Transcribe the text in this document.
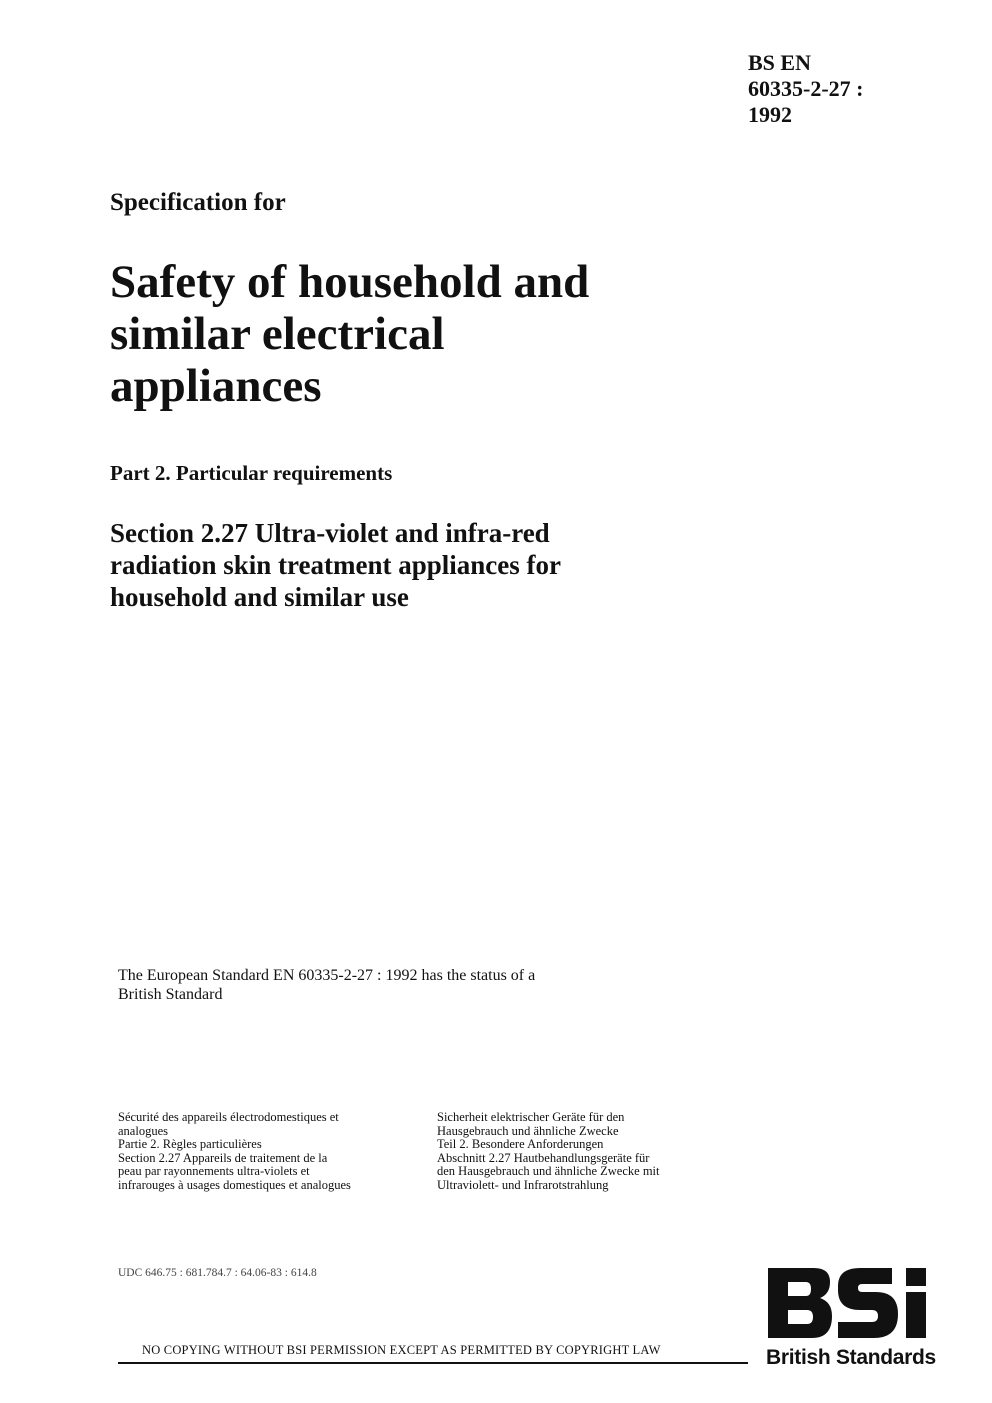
BS EN
60335-2-27 :
1992
Specification for
Safety of household and
similar electrical
appliances
Part 2. Particular requirements
Section 2.27 Ultra-violet and infra-red
radiation skin treatment appliances for
household and similar use
The European Standard EN 60335-2-27 : 1992 has the status of a
British Standard
Sécurité des appareils électrodomestiques et
analogues
Partie 2. Règles particulières
Section 2.27 Appareils de traitement de la
peau par rayonnements ultra-violets et
infrarouges à usages domestiques et analogues
Sicherheit elektrischer Geräte für den
Hausgebrauch und ähnliche Zwecke
Teil 2. Besondere Anforderungen
Abschnitt 2.27 Hautbehandlungsgeräte für
den Hausgebrauch und ähnliche Zwecke mit
Ultraviolett- und Infrarotstrahlung
UDC 646.75 : 681.784.7 : 64.06-83 : 614.8
NO COPYING WITHOUT BSI PERMISSION EXCEPT AS PERMITTED BY COPYRIGHT LAW	British Standards
